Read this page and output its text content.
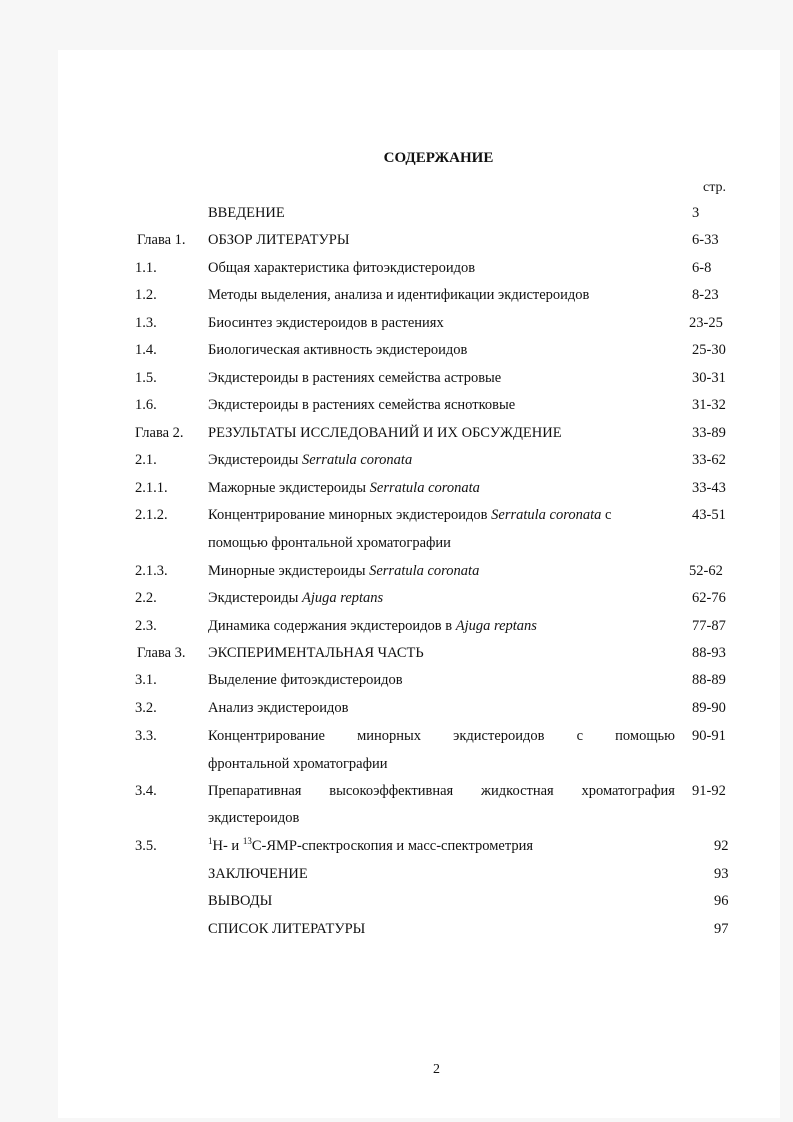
СОДЕРЖАНИЕ
стр.
ВВЕДЕНИЕ	3
Глава 1. ОБЗОР ЛИТЕРАТУРЫ	6-33
1.1.	Общая характеристика фитоэкдистероидов	6-8
1.2.	Методы выделения, анализа и идентификации экдистероидов	8-23
1.3.	Биосинтез экдистероидов в растениях	23-25
1.4.	Биологическая активность экдистероидов	25-30
1.5.	Экдистероиды в растениях семейства астровые	30-31
1.6.	Экдистероиды в растениях семейства яснотковые	31-32
Глава 2. РЕЗУЛЬТАТЫ ИССЛЕДОВАНИЙ И ИХ ОБСУЖДЕНИЕ	33-89
2.1.	Экдистероиды Serratula coronata	33-62
2.1.1.	Мажорные экдистероиды Serratula coronata	33-43
2.1.2.	Концентрирование минорных экдистероидов Serratula coronata с	43-51
помощью фронтальной хроматографии
2.1.3.	Минорные экдистероиды Serratula coronata	52-62
2.2.	Экдистероиды Ajuga reptans	62-76
2.3.	Динамика содержания экдистероидов в Ajuga reptans	77-87
Глава 3. ЭКСПЕРИМЕНТАЛЬНАЯ ЧАСТЬ	88-93
3.1.	Выделение фитоэкдистероидов	88-89
3.2.	Анализ экдистероидов	89-90
3.3.	Концентрирование минорных экдистероидов с помощью 90-91
фронтальной хроматографии
3.4.	Препаративная высокоэффективная жидкостная хроматография 91-92
экдистероидов
3.5.	$^1$Н- и $^{13}$С-ЯМР-спектроскопия и масс-спектрометрия	92
ЗАКЛЮЧЕНИЕ	93
ВЫВОДЫ	96
СПИСОК ЛИТЕРАТУРЫ	97
2
